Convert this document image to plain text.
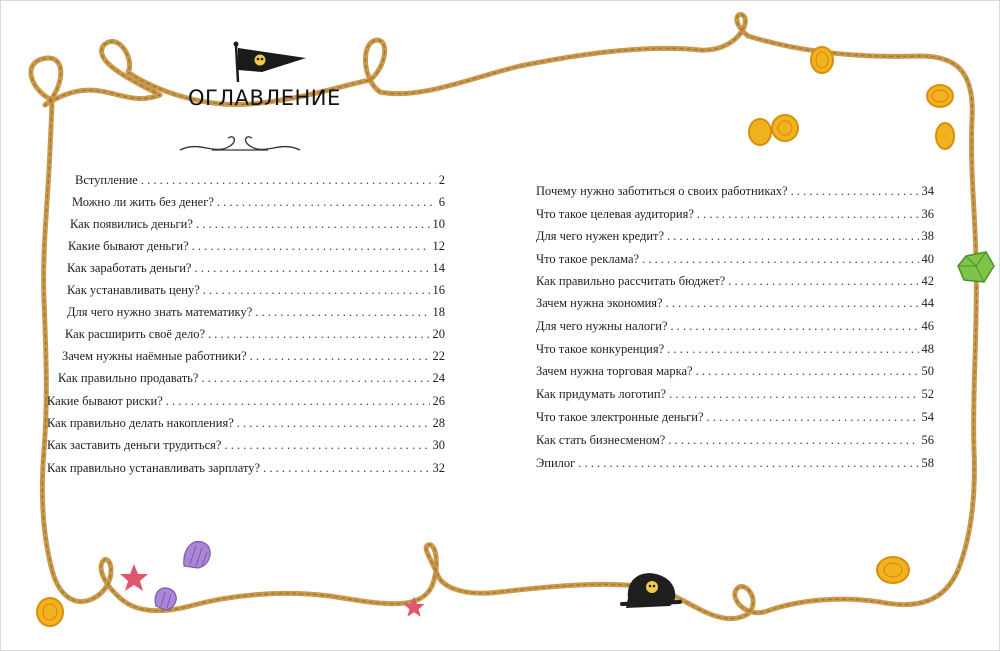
ОГЛАВЛЕНИЕ
Вступление . . .	2
Можно ли жить без денег? . . .	6
Как появились деньги? . . .	10
Какие бывают деньги? . . .	12
Как заработать деньги? . . .	14
Как устанавливать цену? . . .	16
Для чего нужно знать математику? . . .	18
Как расширить своё дело? . . .	20
Зачем нужны наёмные работники? . . .	22
Как правильно продавать? . . .	24
Какие бывают риски? . . .	26
Как правильно делать накопления? . . .	28
Как заставить деньги трудиться? . . .	30
Как правильно устанавливать зарплату? . . .	32
Почему нужно заботиться о своих работниках? . . .	34
Что такое целевая аудитория? . . .	36
Для чего нужен кредит? . . .	38
Что такое реклама? . . .	40
Как правильно рассчитать бюджет? . . .	42
Зачем нужна экономия? . . .	44
Для чего нужны налоги? . . .	46
Что такое конкуренция? . . .	48
Зачем нужна торговая марка? . . .	50
Как придумать логотип? . . .	52
Что такое электронные деньги? . . .	54
Как стать бизнесменом? . . .	56
Эпилог . . .	58
